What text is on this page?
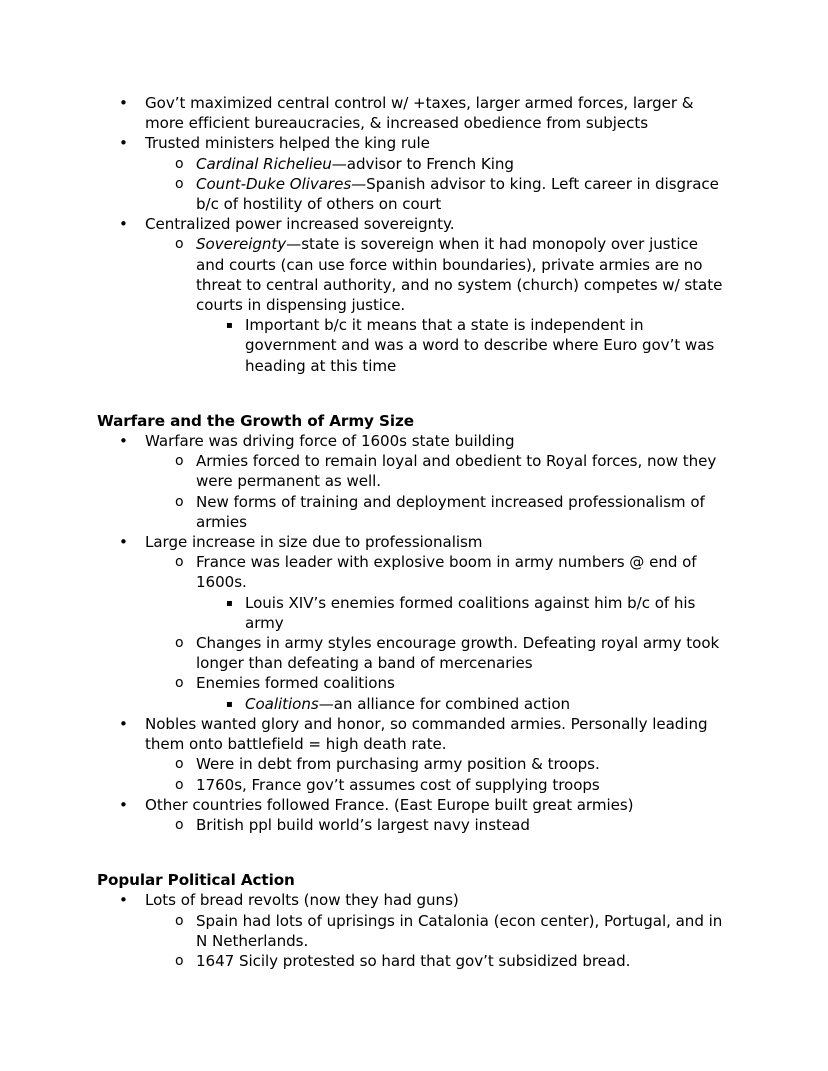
•	Gov’t maximized central control w/ +taxes, larger armed forces, larger & more efficient bureaucracies, & increased obedience from subjects
•	Trusted ministers helped the king rule
o Cardinal Richelieu—advisor to French King
o Count-Duke Olivares—Spanish advisor to king. Left career in disgrace b/c of hostility of others on court
•	Centralized power increased sovereignty.
o Sovereignty—state is sovereign when it had monopoly over justice and courts (can use force within boundaries), private armies are no threat to central authority, and no system (church) competes w/ state courts in dispensing justice.
▪ Important b/c it means that a state is independent in government and was a word to describe where Euro gov’t was heading at this time
Warfare and the Growth of Army Size
•	Warfare was driving force of 1600s state building
o Armies forced to remain loyal and obedient to Royal forces, now they were permanent as well.
o New forms of training and deployment increased professionalism of armies
•	Large increase in size due to professionalism
o France was leader with explosive boom in army numbers @ end of 1600s.
▪ Louis XIV’s enemies formed coalitions against him b/c of his army
o Changes in army styles encourage growth. Defeating royal army took longer than defeating a band of mercenaries
o Enemies formed coalitions
▪ Coalitions—an alliance for combined action
•	Nobles wanted glory and honor, so commanded armies. Personally leading them onto battlefield = high death rate.
o Were in debt from purchasing army position & troops.
o 1760s, France gov’t assumes cost of supplying troops
•	Other countries followed France. (East Europe built great armies)
o British ppl build world’s largest navy instead
Popular Political Action
•	Lots of bread revolts (now they had guns)
o Spain had lots of uprisings in Catalonia (econ center), Portugal, and in N Netherlands.
o 1647 Sicily protested so hard that gov’t subsidized bread.
